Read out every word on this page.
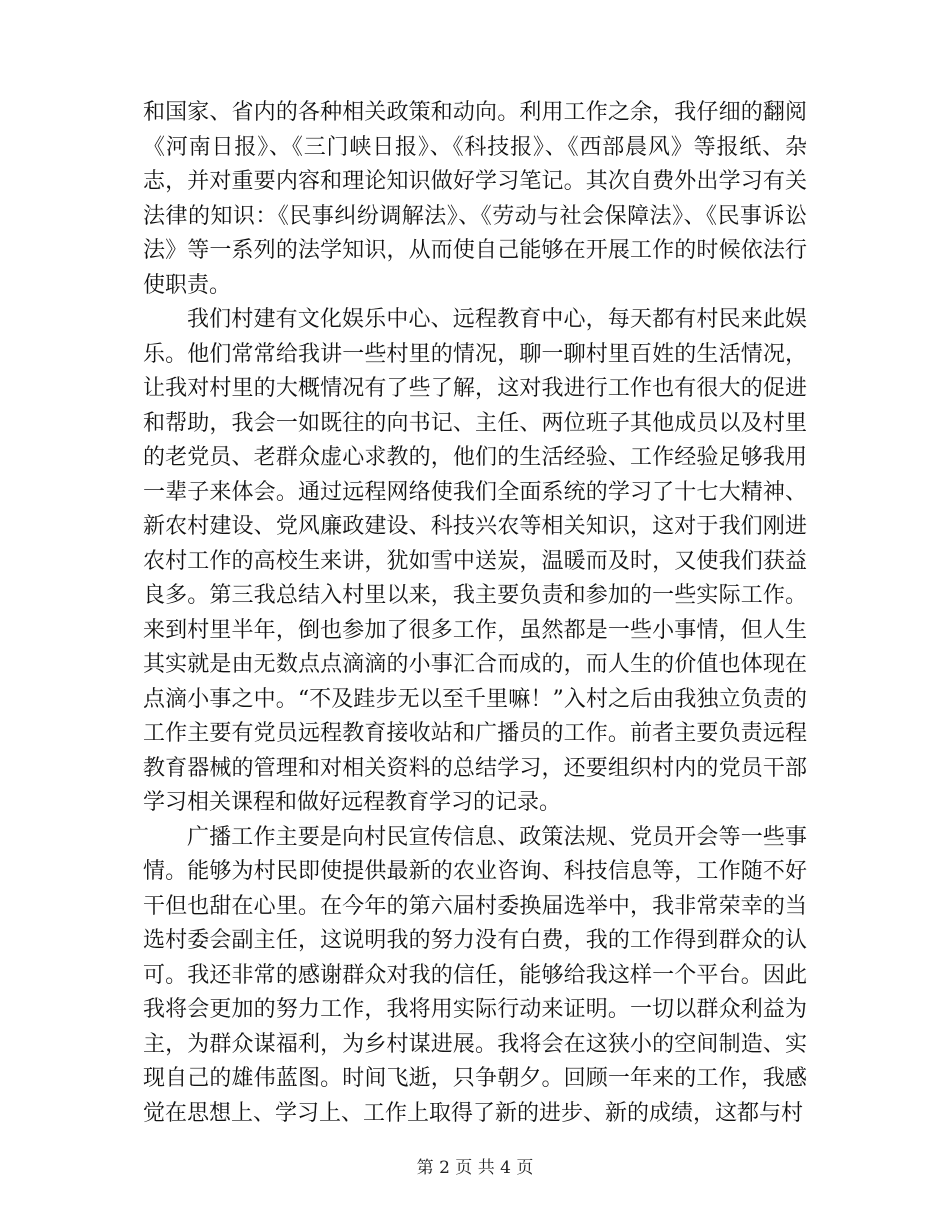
和国家、省内的各种相关政策和动向。利用工作之余，我仔细的翻阅《河南日报》、《三门峡日报》、《科技报》、《西部晨风》等报纸、杂志，并对重要内容和理论知识做好学习笔记。其次自费外出学习有关法律的知识：《民事纠纷调解法》、《劳动与社会保障法》、《民事诉讼法》等一系列的法学知识，从而使自己能够在开展工作的时候依法行使职责。

我们村建有文化娱乐中心、远程教育中心，每天都有村民来此娱乐。他们常常给我讲一些村里的情况，聊一聊村里百姓的生活情况，让我对村里的大概情况有了些了解，这对我进行工作也有很大的促进和帮助，我会一如既往的向书记、主任、两位班子其他成员以及村里的老党员、老群众虚心求教的，他们的生活经验、工作经验足够我用一辈子来体会。通过远程网络使我们全面系统的学习了十七大精神、新农村建设、党风廉政建设、科技兴农等相关知识，这对于我们刚进农村工作的高校生来讲，犹如雪中送炭，温暖而及时，又使我们获益良多。第三我总结入村里以来，我主要负责和参加的一些实际工作。来到村里半年，倒也参加了很多工作，虽然都是一些小事情，但人生其实就是由无数点点滴滴的小事汇合而成的，而人生的价值也体现在点滴小事之中。“不及跬步无以至千里嘛！”入村之后由我独立负责的工作主要有党员远程教育接收站和广播员的工作。前者主要负责远程教育器械的管理和对相关资料的总结学习，还要组织村内的党员干部学习相关课程和做好远程教育学习的记录。

广播工作主要是向村民宣传信息、政策法规、党员开会等一些事情。能够为村民即使提供最新的农业咨询、科技信息等，工作随不好干但也甜在心里。在今年的第六届村委换届选举中，我非常荣幸的当选村委会副主任，这说明我的努力没有白费，我的工作得到群众的认可。我还非常的感谢群众对我的信任，能够给我这样一个平台。因此我将会更加的努力工作，我将用实际行动来证明。一切以群众利益为主，为群众谋福利，为乡村谋进展。我将会在这狭小的空间制造、实现自己的雄伟蓝图。时间飞逝，只争朝夕。回顾一年来的工作，我感觉在思想上、学习上、工作上取得了新的进步、新的成绩，这都与村

第 2 页 共 4 页
